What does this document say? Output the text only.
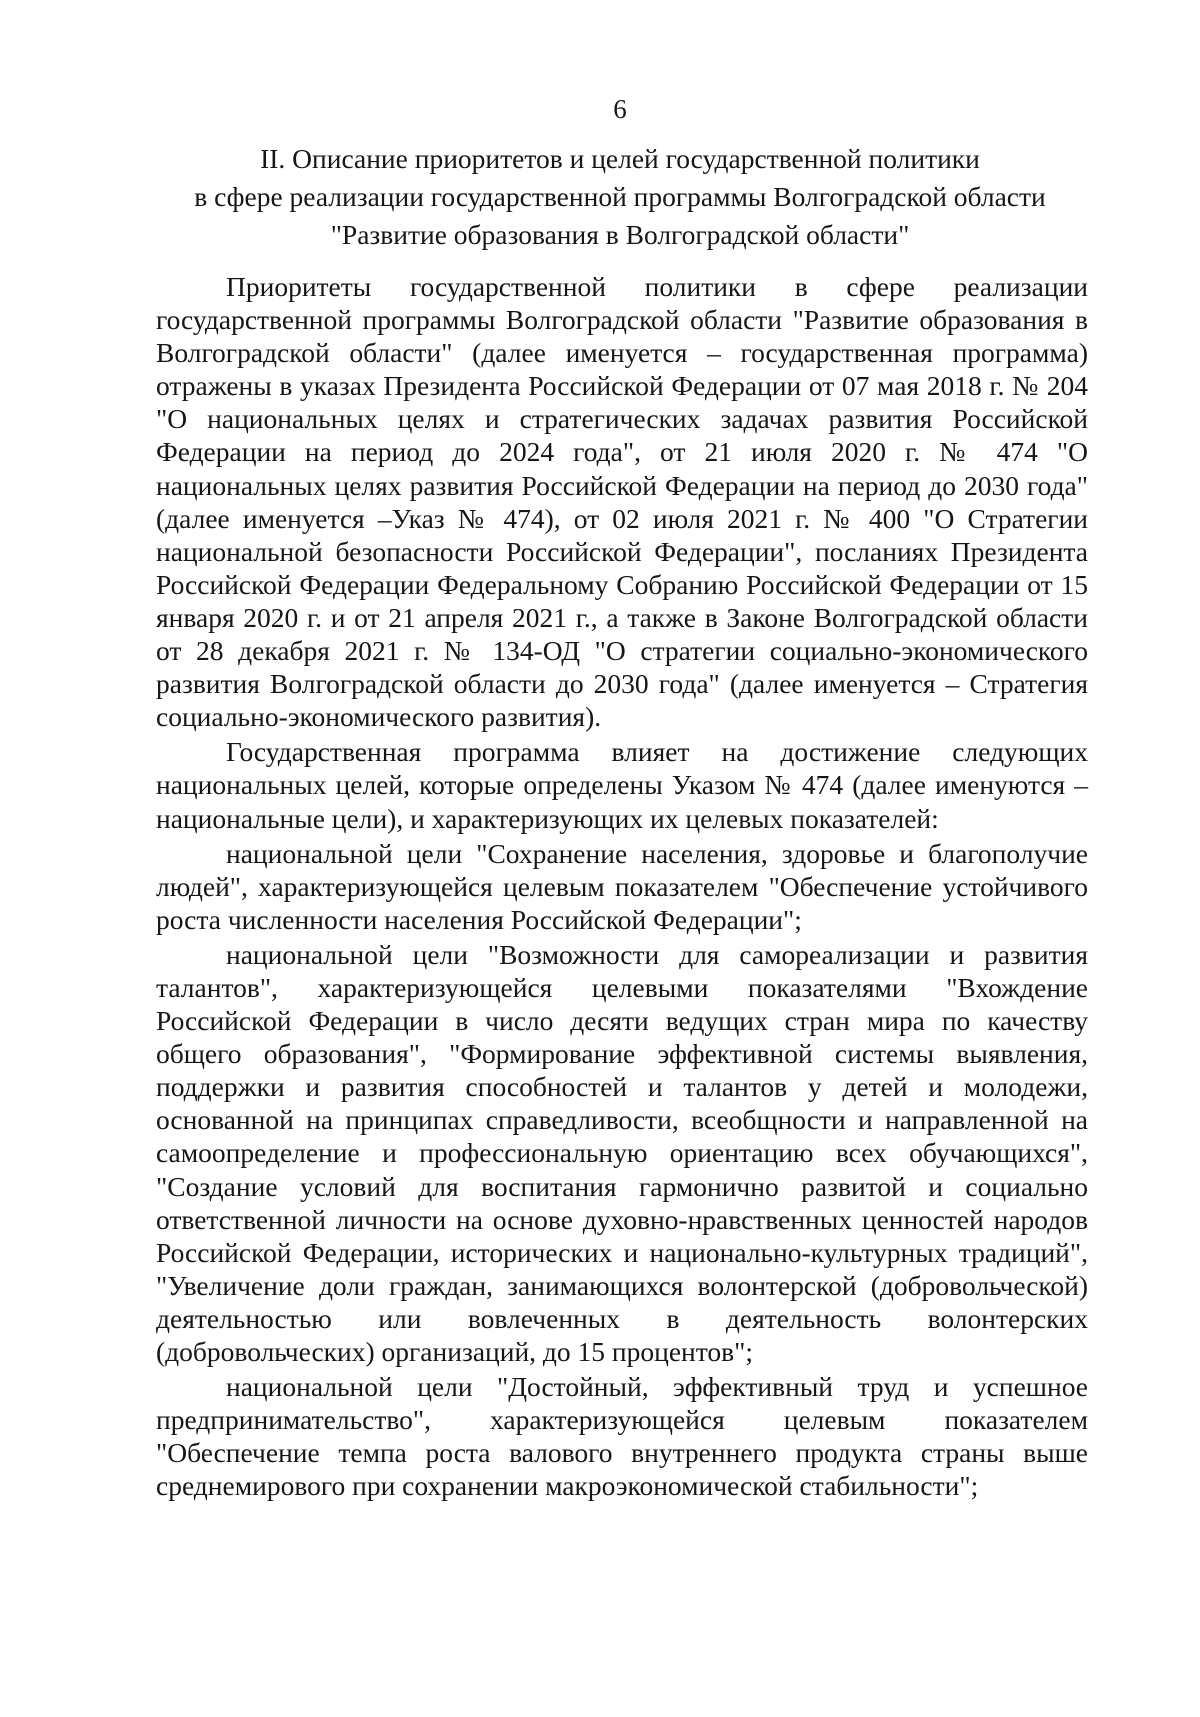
6
II. Описание приоритетов и целей государственной политики
в сфере реализации государственной программы Волгоградской области
"Развитие образования в Волгоградской области"

Приоритеты государственной политики в сфере реализации государственной программы Волгоградской области "Развитие образования в Волгоградской области" (далее именуется – государственная программа) отражены в указах Президента Российской Федерации от 07 мая 2018 г. № 204 "О национальных целях и стратегических задачах развития Российской Федерации на период до 2024 года", от 21 июля 2020 г. № 474 "О национальных целях развития Российской Федерации на период до 2030 года" (далее именуется –Указ № 474), от 02 июля 2021 г. № 400 "О Стратегии национальной безопасности Российской Федерации", посланиях Президента Российской Федерации Федеральному Собранию Российской Федерации от 15 января 2020 г. и от 21 апреля 2021 г., а также в Законе Волгоградской области от 28 декабря 2021 г. № 134-ОД "О стратегии социально-экономического развития Волгоградской области до 2030 года" (далее именуется – Стратегия социально-экономического развития).

Государственная программа влияет на достижение следующих национальных целей, которые определены Указом № 474 (далее именуются – национальные цели), и характеризующих их целевых показателей:

национальной цели "Сохранение населения, здоровье и благополучие людей", характеризующейся целевым показателем "Обеспечение устойчивого роста численности населения Российской Федерации";

национальной цели "Возможности для самореализации и развития талантов", характеризующейся целевыми показателями "Вхождение Российской Федерации в число десяти ведущих стран мира по качеству общего образования", "Формирование эффективной системы выявления, поддержки и развития способностей и талантов у детей и молодежи, основанной на принципах справедливости, всеобщности и направленной на самоопределение и профессиональную ориентацию всех обучающихся", "Создание условий для воспитания гармонично развитой и социально ответственной личности на основе духовно-нравственных ценностей народов Российской Федерации, исторических и национально-культурных традиций", "Увеличение доли граждан, занимающихся волонтерской (добровольческой) деятельностью или вовлеченных в деятельность волонтерских (добровольческих) организаций, до 15 процентов";

национальной цели "Достойный, эффективный труд и успешное предпринимательство", характеризующейся целевым показателем "Обеспечение темпа роста валового внутреннего продукта страны выше среднемирового при сохранении макроэкономической стабильности";
